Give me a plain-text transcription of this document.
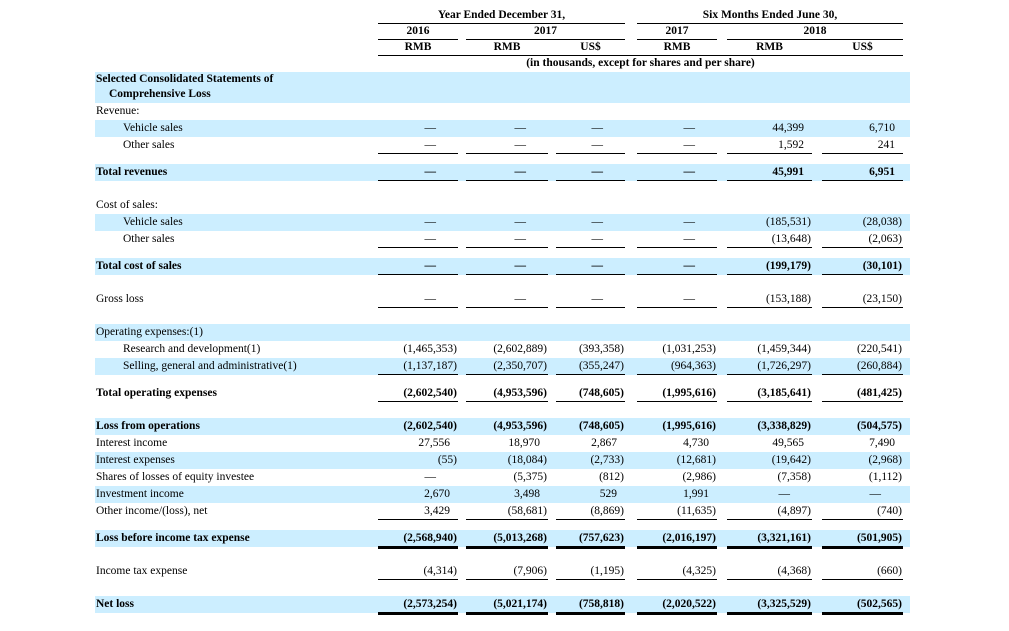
Year Ended December 31,	Six Months Ended June 30,
2016	2017	2017	2018
RMB	RMB	US$	RMB	RMB	US$
(in thousands, except for shares and per share)
Selected Consolidated Statements of
Comprehensive Loss
Revenue:
Vehicle sales	—	—	—	—	44,399	6,710
Other sales	—	—	—	—	1,592	241
Total revenues	—	—	—	—	45,991	6,951
Cost of sales:
Vehicle sales	—	—	—	—	(185,531)	(28,038)
Other sales	—	—	—	—	(13,648)	(2,063)
Total cost of sales	—	—	—	—	(199,179)	(30,101)
Gross loss	—	—	—	—	(153,188)	(23,150)
Operating expenses:(1)
Research and development(1)	(1,465,353)	(2,602,889)	(393,358)	(1,031,253)	(1,459,344)	(220,541)
Selling, general and administrative(1)	(1,137,187)	(2,350,707)	(355,247)	(964,363)	(1,726,297)	(260,884)
Total operating expenses	(2,602,540)	(4,953,596)	(748,605)	(1,995,616)	(3,185,641)	(481,425)
Loss from operations	(2,602,540)	(4,953,596)	(748,605)	(1,995,616)	(3,338,829)	(504,575)
Interest income	27,556	18,970	2,867	4,730	49,565	7,490
Interest expenses	(55)	(18,084)	(2,733)	(12,681)	(19,642)	(2,968)
Shares of losses of equity investee	—	(5,375)	(812)	(2,986)	(7,358)	(1,112)
Investment income	2,670	3,498	529	1,991	—	—
Other income/(loss), net	3,429	(58,681)	(8,869)	(11,635)	(4,897)	(740)
Loss before income tax expense	(2,568,940)	(5,013,268)	(757,623)	(2,016,197)	(3,321,161)	(501,905)
Income tax expense	(4,314)	(7,906)	(1,195)	(4,325)	(4,368)	(660)
Net loss	(2,573,254)	(5,021,174)	(758,818)	(2,020,522)	(3,325,529)	(502,565)
